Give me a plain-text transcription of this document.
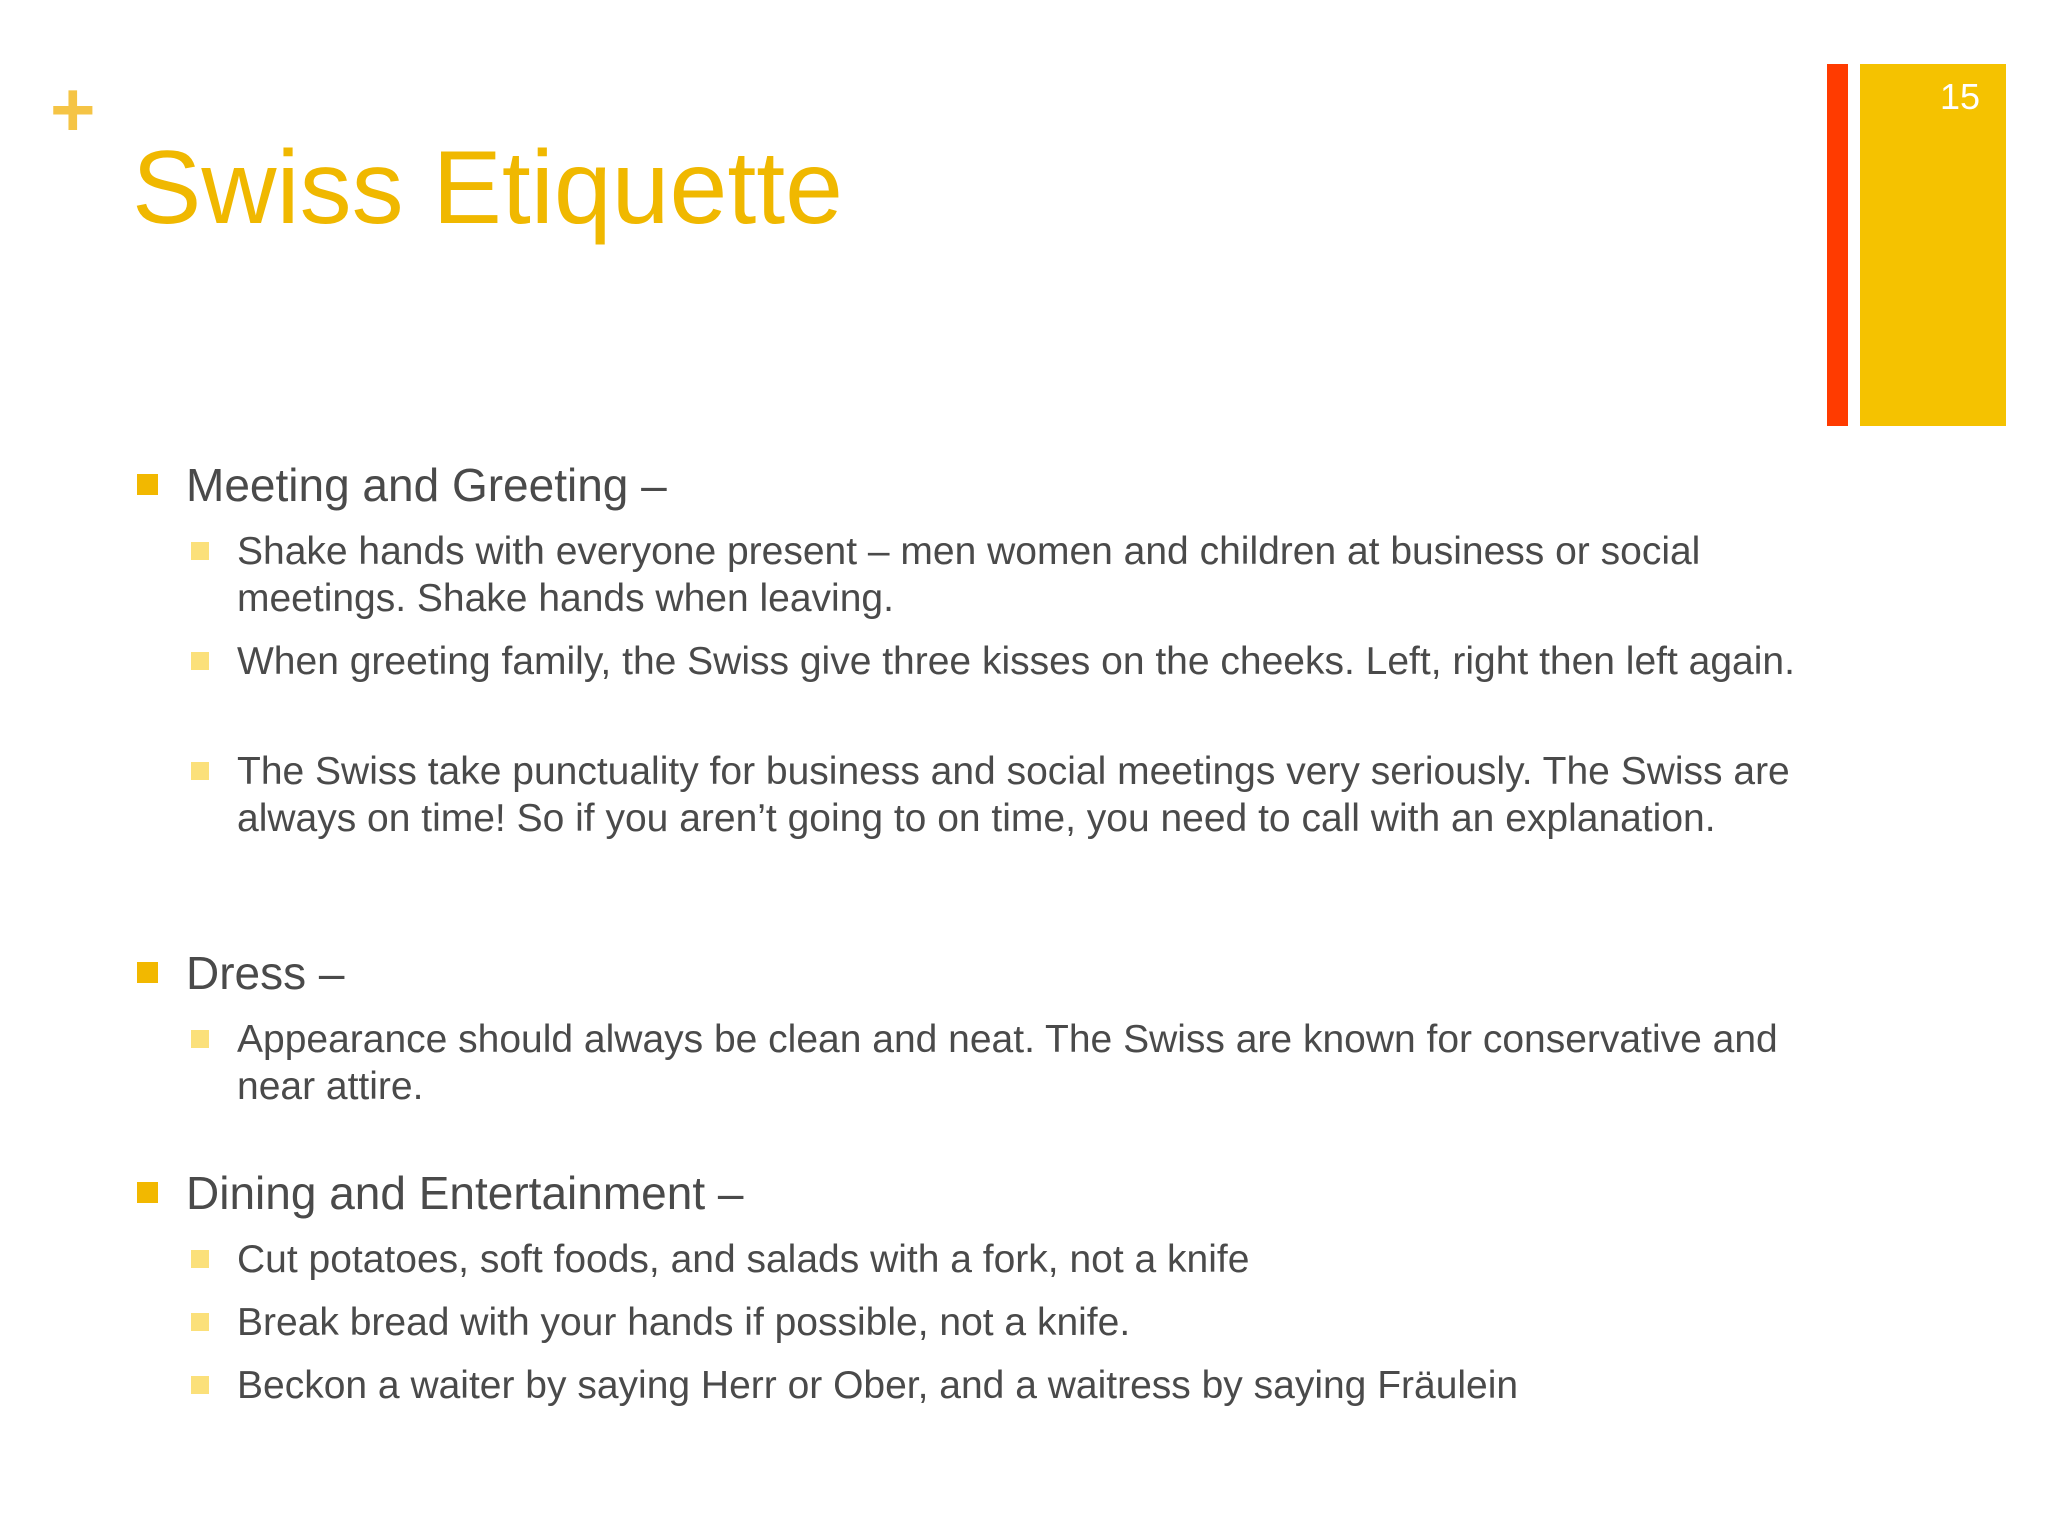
+
Swiss Etiquette
15
Meeting and Greeting –
Shake hands with everyone present – men women and children at business or social meetings. Shake hands when leaving.
When greeting family, the Swiss give three kisses on the cheeks. Left, right then left again.
The Swiss take punctuality for business and social meetings very seriously. The Swiss are always on time! So if you aren’t going to on time, you need to call with an explanation.
Dress –
Appearance should always be clean and neat. The Swiss are known for conservative and near attire.
Dining and Entertainment –
Cut potatoes, soft foods, and salads with a fork, not a knife
Break bread with your hands if possible, not a knife.
Beckon a waiter by saying Herr or Ober, and a waitress by saying Fräulein
